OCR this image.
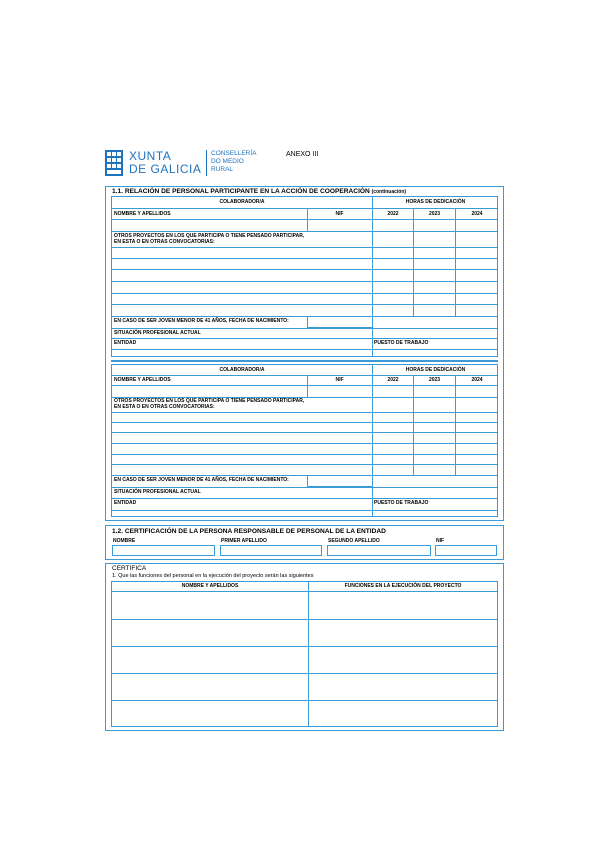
XUNTA
DE GALICIA
CONSELLERÍA
DO MEDIO
RURAL
ANEXO III
1.1. RELACIÓN DE PERSONAL PARTICIPANTE EN LA ACCIÓN DE COOPERACIÓN (continuación)
COLABORADOR/A	HORAS DE DEDICACIÓN
NOMBRE Y APELLIDOS	NIF	2022	2023	2024
OTROS PROYECTOS EN LOS QUE PARTICIPA O TIENE PENSADO PARTICIPAR,
EN ESTA O EN OTRAS CONVOCATORIAS:
EN CASO DE SER JOVEN MENOR DE 41 AÑOS, FECHA DE NACIMIENTO:
SITUACIÓN PROFESIONAL ACTUAL
ENTIDAD	PUESTO DE TRABAJO
COLABORADOR/A	HORAS DE DEDICACIÓN
NOMBRE Y APELLIDOS	NIF	2022	2023	2024
OTROS PROYECTOS EN LOS QUE PARTICIPA O TIENE PENSADO PARTICIPAR,
EN ESTA O EN OTRAS CONVOCATORIAS:
EN CASO DE SER JOVEN MENOR DE 41 AÑOS, FECHA DE NACIMIENTO:
SITUACIÓN PROFESIONAL ACTUAL
ENTIDAD	PUESTO DE TRABAJO
1.2. CERTIFICACIÓN DE LA PERSONA RESPONSABLE DE PERSONAL DE LA ENTIDAD
NOMBRE	PRIMER APELLIDO	SEGUNDO APELLIDO	NIF
CERTIFICA
1. Que las funciones del personal en la ejecución del proyecto serán las siguientes
NOMBRE Y APELLIDOS	FUNCIONES EN LA EJECUCIÓN DEL PROYECTO
